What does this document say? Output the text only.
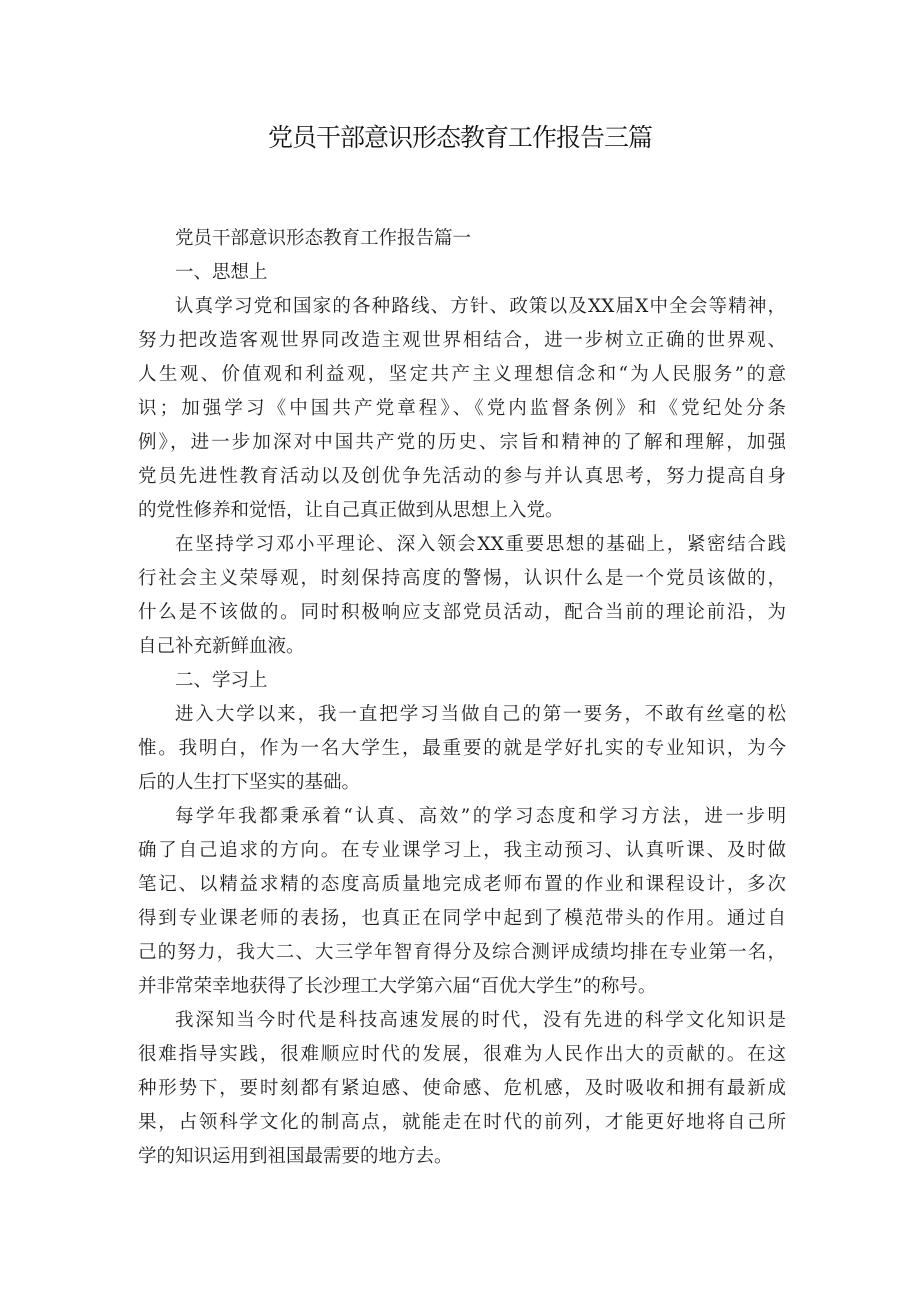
党员干部意识形态教育工作报告三篇
党员干部意识形态教育工作报告篇一
一、思想上
认真学习党和国家的各种路线、方针、政策以及XX届X中全会等精神，
努力把改造客观世界同改造主观世界相结合，进一步树立正确的世界观、
人生观、价值观和利益观，坚定共产主义理想信念和“为人民服务”的意
识；加强学习《中国共产党章程》、《党内监督条例》和《党纪处分条
例》，进一步加深对中国共产党的历史、宗旨和精神的了解和理解，加强
党员先进性教育活动以及创优争先活动的参与并认真思考，努力提高自身
的党性修养和觉悟，让自己真正做到从思想上入党。
在坚持学习邓小平理论、深入领会XX重要思想的基础上，紧密结合践
行社会主义荣辱观，时刻保持高度的警惕，认识什么是一个党员该做的，
什么是不该做的。同时积极响应支部党员活动，配合当前的理论前沿，为
自己补充新鲜血液。
二、学习上
进入大学以来，我一直把学习当做自己的第一要务，不敢有丝毫的松
惟。我明白，作为一名大学生，最重要的就是学好扎实的专业知识，为今
后的人生打下坚实的基础。
每学年我都秉承着“认真、高效”的学习态度和学习方法，进一步明
确了自己追求的方向。在专业课学习上，我主动预习、认真听课、及时做
笔记、以精益求精的态度高质量地完成老师布置的作业和课程设计，多次
得到专业课老师的表扬，也真正在同学中起到了模范带头的作用。通过自
己的努力，我大二、大三学年智育得分及综合测评成绩均排在专业第一名，
并非常荣幸地获得了长沙理工大学第六届“百优大学生”的称号。
我深知当今时代是科技高速发展的时代，没有先进的科学文化知识是
很难指导实践，很难顺应时代的发展，很难为人民作出大的贡献的。在这
种形势下，要时刻都有紧迫感、使命感、危机感，及时吸收和拥有最新成
果，占领科学文化的制高点，就能走在时代的前列，才能更好地将自己所
学的知识运用到祖国最需要的地方去。
